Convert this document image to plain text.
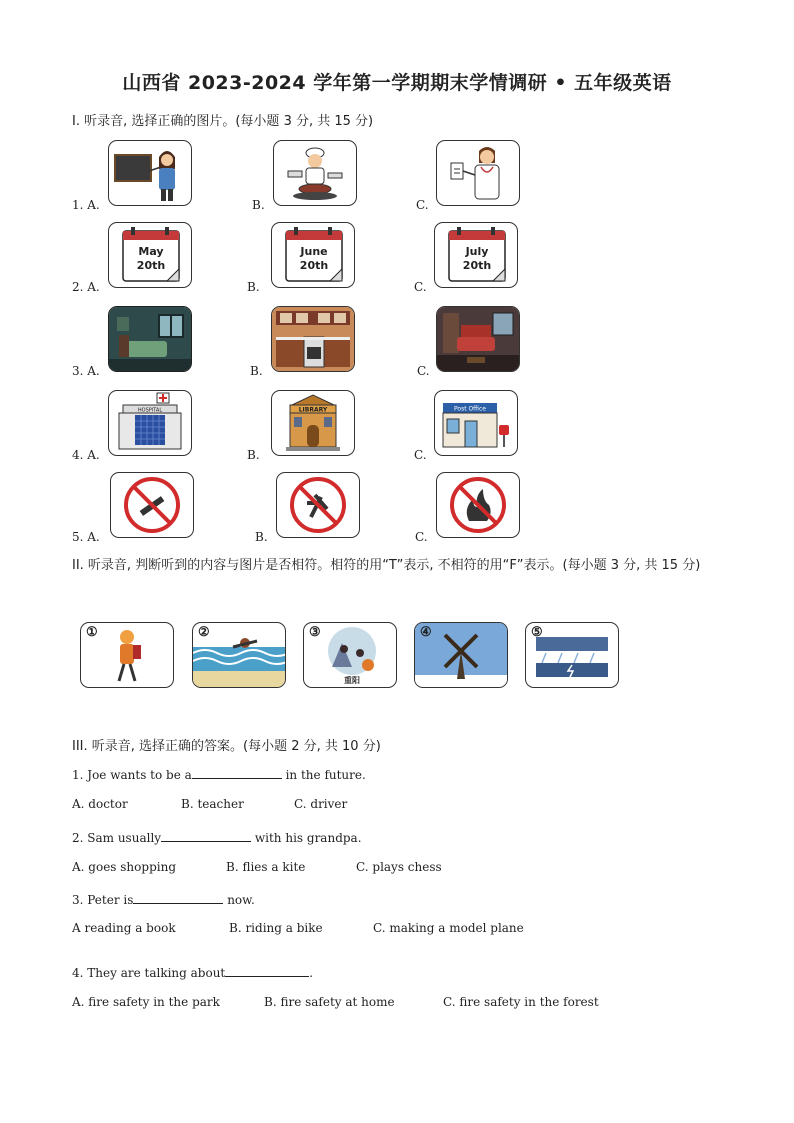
山西省 2023-2024 学年第一学期期末学情调研 • 五年级英语
I. 听录音, 选择正确的图片。(每小题 3 分, 共 15 分)
1. A.	B.	C.
2. A.
May
20th
B.
June
20th
C.
July
20th
3. A.	B.	C.
4. A.
HOSPITAL
B.
LIBRARY
C.
Post Office
5. A.	B.	C.
II. 听录音, 判断听到的内容与图片是否相符。相符的用“T”表示, 不相符的用“F”表示。(每小题 3 分, 共 15 分)
①	②	③
重阳
④	⑤
III. 听录音, 选择正确的答案。(每小题 2 分, 共 10 分)
1. Joe wants to be a	in the future.
A. doctor	B. teacher	C. driver
2. Sam usually	with his grandpa.
A. goes shopping	B. flies a kite	C. plays chess
3. Peter is	now.
A reading a book	B. riding a bike	C. making a model plane
4. They are talking about	.
A. fire safety in the park	B. fire safety at home	C. fire safety in the forest
